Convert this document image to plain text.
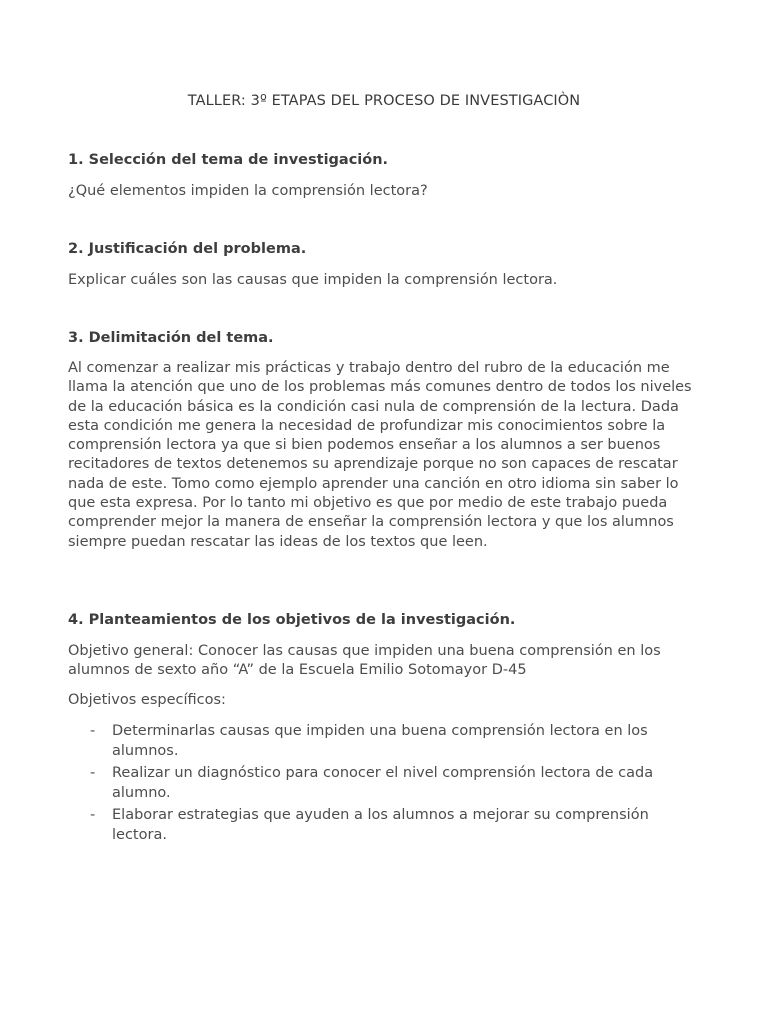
TALLER: 3º ETAPAS DEL PROCESO DE INVESTIGACIÒN
1. Selección del tema de investigación.
¿Qué elementos impiden la comprensión lectora?
2. Justificación del problema.
Explicar cuáles son las causas que impiden la comprensión lectora.
3. Delimitación del tema.
Al comenzar a realizar mis prácticas y trabajo dentro del rubro de la educación me llama la atención que uno de los problemas más comunes dentro de todos los niveles de la educación básica es la condición casi nula de comprensión de la lectura. Dada esta condición me genera la necesidad de profundizar mis conocimientos sobre la comprensión lectora ya que si bien podemos enseñar a los alumnos a ser buenos recitadores de textos detenemos su aprendizaje porque no son capaces de rescatar nada de este. Tomo como ejemplo aprender una canción en otro idioma sin saber lo que esta expresa. Por lo tanto mi objetivo es que por medio de este trabajo pueda comprender mejor la manera de enseñar la comprensión lectora y que los alumnos siempre puedan rescatar las ideas de los textos que leen.
4. Planteamientos de los objetivos de la investigación.
Objetivo general: Conocer las causas que impiden una buena comprensión en los alumnos de sexto año “A” de la Escuela Emilio Sotomayor D-45
Objetivos específicos:
- Determinarlas causas que impiden una buena comprensión lectora en los alumnos.
- Realizar un diagnóstico para conocer el nivel comprensión lectora de cada alumno.
- Elaborar estrategias que ayuden a los alumnos a mejorar su comprensión lectora.
